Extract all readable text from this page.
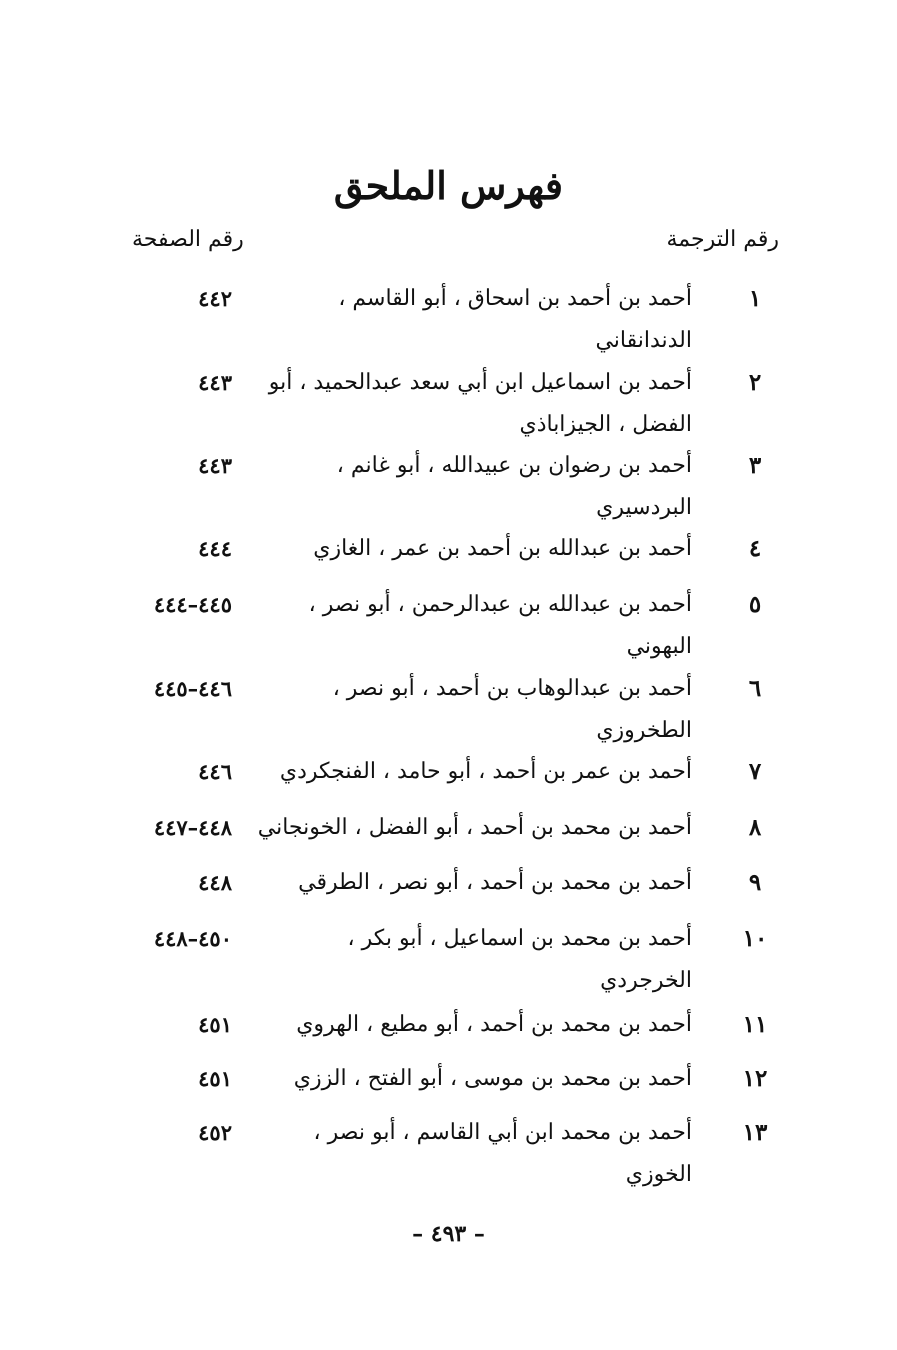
فهرس الملحق
رقم الترجمة
رقم الصفحة
١
أحمد بن أحمد بن اسحاق ، أبو القاسم ،
الدندانقاني
٤٤٢
٢
أحمد بن اسماعيل ابن أبي سعد عبدالحميد ، أبو
الفضل ، الجيزاباذي
٤٤٣
٣
أحمد بن رضوان بن عبيدالله ، أبو غانم ،
البردسيري
٤٤٣
٤
أحمد بن عبدالله بن أحمد بن عمر ، الغازي
٤٤٤
٥
أحمد بن عبدالله بن عبدالرحمن ، أبو نصر ،
البهوني
٤٤٥–٤٤٤
٦
أحمد بن عبدالوهاب بن أحمد ، أبو نصر ،
الطخروزي
٤٤٦–٤٤٥
٧
أحمد بن عمر بن أحمد ، أبو حامد ، الفنجكردي
٤٤٦
٨
أحمد بن محمد بن أحمد ، أبو الفضل ، الخونجاني
٤٤٨–٤٤٧
٩
أحمد بن محمد بن أحمد ، أبو نصر ، الطرقي
٤٤٨
١٠
أحمد بن محمد بن اسماعيل ، أبو بكر ،
الخرجردي
٤٥٠–٤٤٨
١١
أحمد بن محمد بن أحمد ، أبو مطيع ، الهروي
٤٥١
١٢
أحمد بن محمد بن موسى ، أبو الفتح ، الززي
٤٥١
١٣
أحمد بن محمد ابن أبي القاسم ، أبو نصر ،
الخوزي
٤٥٢
– ٤٩٣ –
